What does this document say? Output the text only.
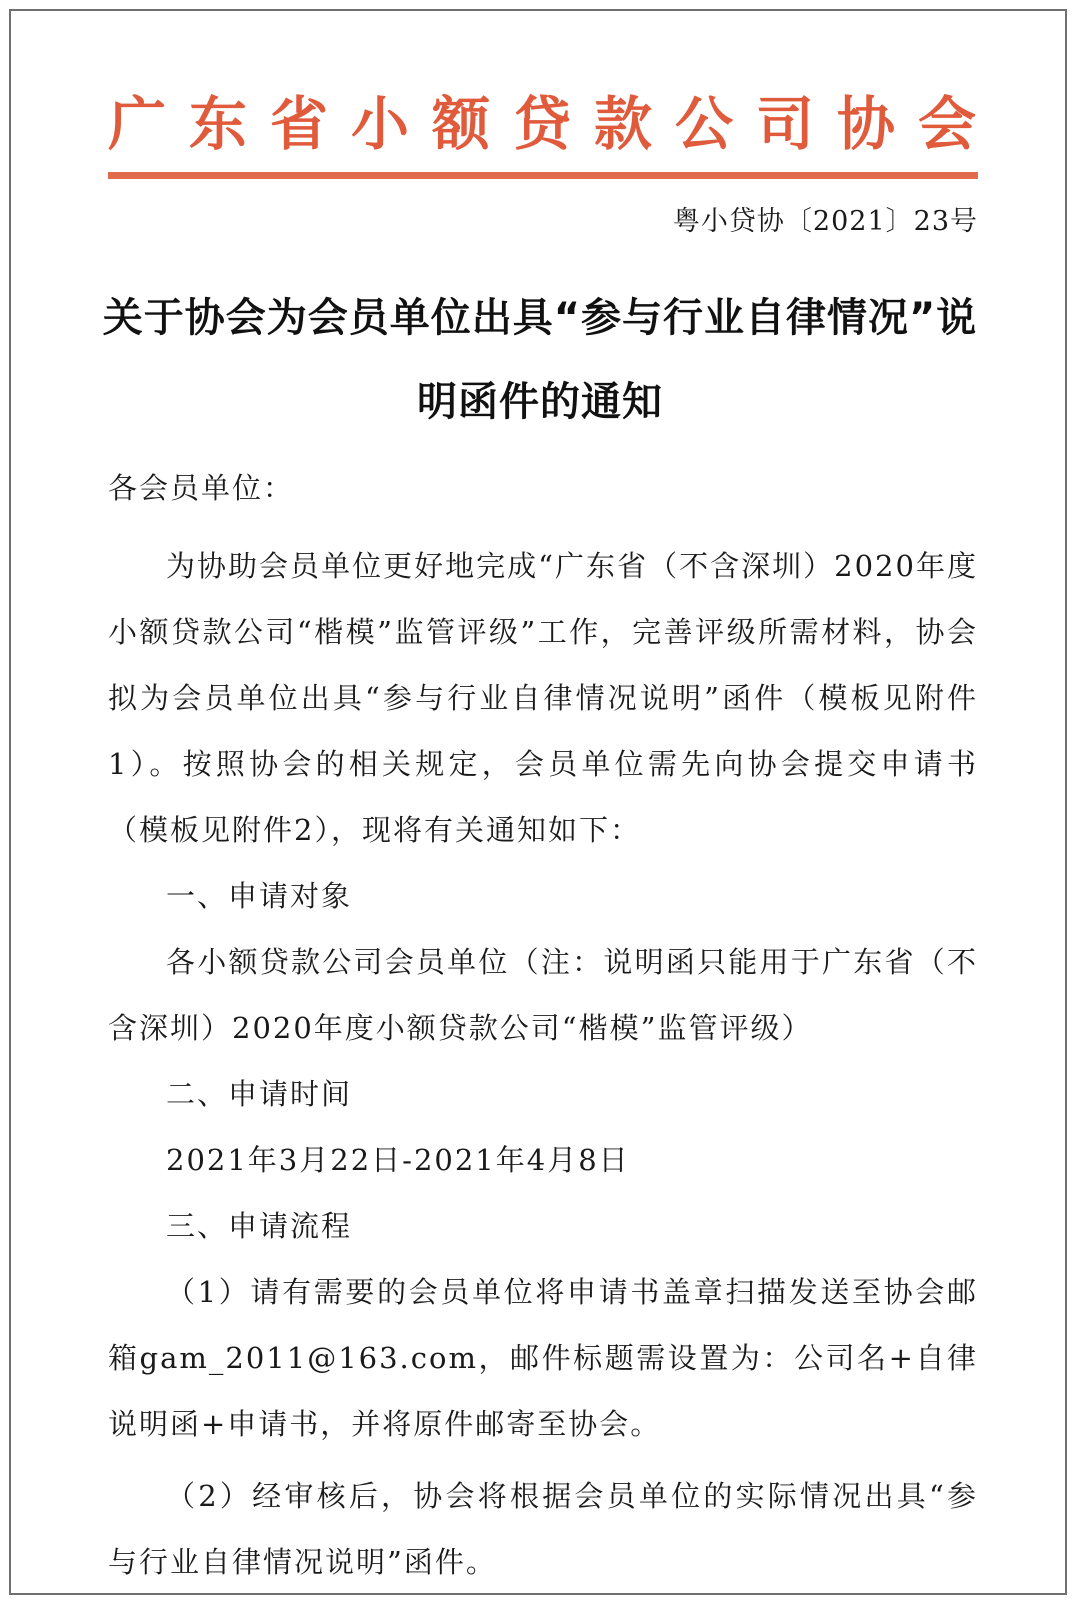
广东省小额贷款公司协会
粤小贷协〔2021〕23号
关于协会为会员单位出具“参与行业自律情况”说明函件的通知
各会员单位：

为协助会员单位更好地完成“广东省（不含深圳）2020年度小额贷款公司“楷模”监管评级”工作，完善评级所需材料，协会拟为会员单位出具“参与行业自律情况说明”函件（模板见附件1）。按照协会的相关规定，会员单位需先向协会提交申请书（模板见附件2），现将有关通知如下：

一、申请对象

各小额贷款公司会员单位（注：说明函只能用于广东省（不含深圳）2020年度小额贷款公司“楷模”监管评级）

二、申请时间

2021年3月22日-2021年4月8日

三、申请流程

（1）请有需要的会员单位将申请书盖章扫描发送至协会邮箱gam_2011@163.com，邮件标题需设置为：公司名+自律说明函+申请书，并将原件邮寄至协会。

（2）经审核后，协会将根据会员单位的实际情况出具“参与行业自律情况说明”函件。
